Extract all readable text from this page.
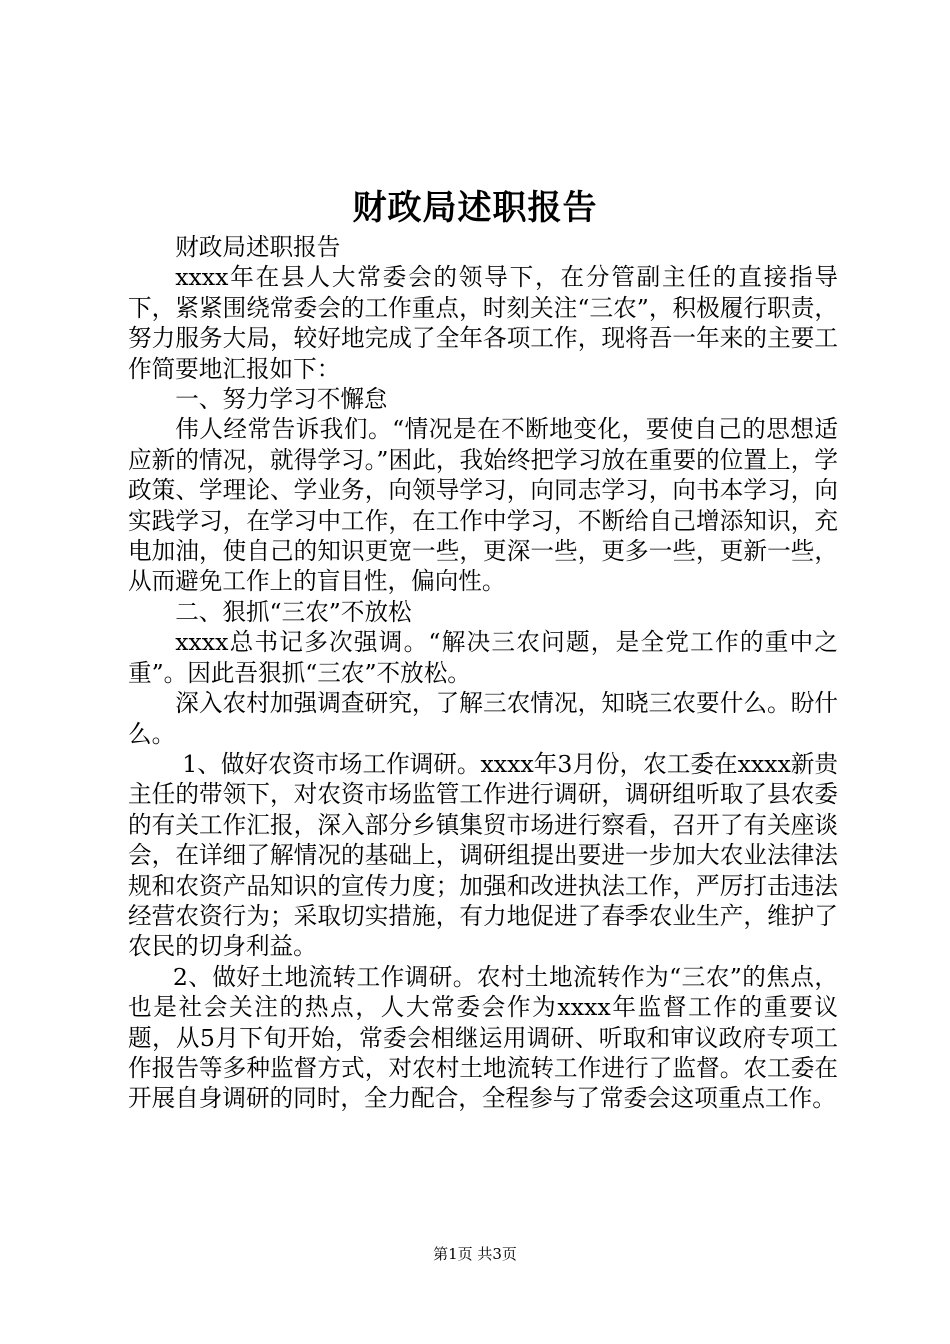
财政局述职报告

财政局述职报告

xxxx年在县人大常委会的领导下，在分管副主任的直接指导下，紧紧围绕常委会的工作重点，时刻关注“三农”，积极履行职责，努力服务大局，较好地完成了全年各项工作，现将吾一年来的主要工作简要地汇报如下：

一、努力学习不懈怠

伟人经常告诉我们。“情况是在不断地变化，要使自己的思想适应新的情况，就得学习。”困此，我始终把学习放在重要的位置上，学政策、学理论、学业务，向领导学习，向同志学习，向书本学习，向实践学习，在学习中工作，在工作中学习，不断给自己增添知识，充电加油，使自己的知识更宽一些，更深一些，更多一些，更新一些，从而避免工作上的盲目性，偏向性。

二、狠抓“三农”不放松

xxxx总书记多次强调。“解决三农问题，是全党工作的重中之重”。因此吾狠抓“三农”不放松。

深入农村加强调查研究，了解三农情况，知晓三农要什么。盼什么。

1、做好农资市场工作调研。xxxx年3月份，农工委在xxxx新贵主任的带领下，对农资市场监管工作进行调研，调研组听取了县农委的有关工作汇报，深入部分乡镇集贸市场进行察看，召开了有关座谈会，在详细了解情况的基础上，调研组提出要进一步加大农业法律法规和农资产品知识的宣传力度；加强和改进执法工作，严厉打击违法经营农资行为；采取切实措施，有力地促进了春季农业生产，维护了农民的切身利益。

2、做好土地流转工作调研。农村土地流转作为“三农”的焦点，也是社会关注的热点，人大常委会作为xxxx年监督工作的重要议题，从5月下旬开始，常委会相继运用调研、听取和审议政府专项工作报告等多种监督方式，对农村土地流转工作进行了监督。农工委在开展自身调研的同时，全力配合，全程参与了常委会这项重点工作。

第1页 共3页
